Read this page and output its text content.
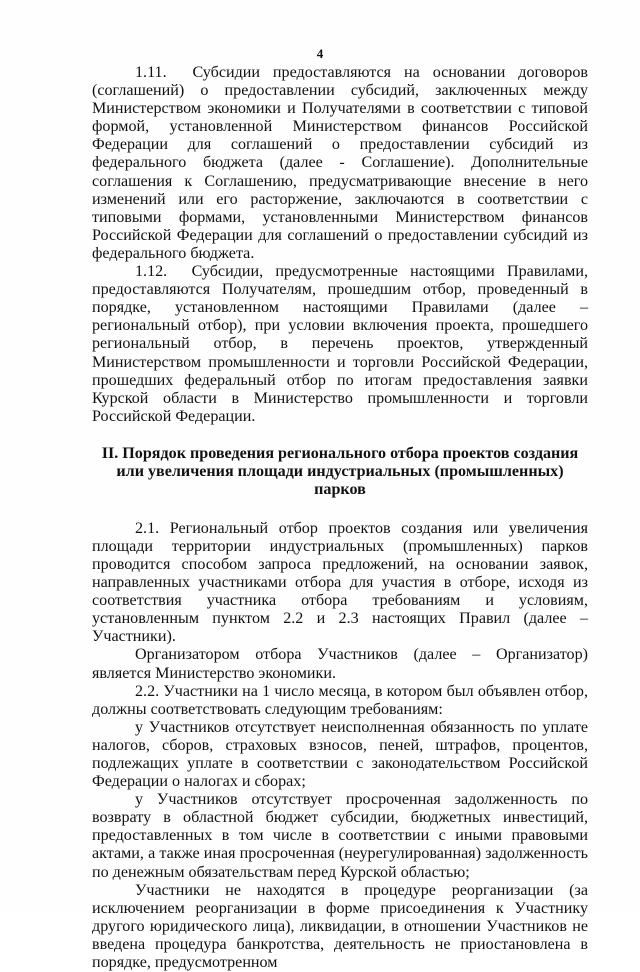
4

1.11.  Субсидии предоставляются на основании договоров (соглашений) о предоставлении субсидий, заключенных между Министерством экономики и Получателями в соответствии с типовой формой, установленной Министерством финансов Российской Федерации для соглашений о предоставлении субсидий из федерального бюджета (далее - Соглашение). Дополнительные соглашения к Соглашению, предусматривающие внесение в него изменений или его расторжение, заключаются в соответствии с типовыми формами, установленными Министерством финансов Российской Федерации для соглашений о предоставлении субсидий из федерального бюджета.

1.12.  Субсидии, предусмотренные настоящими Правилами, предоставляются Получателям, прошедшим отбор, проведенный в порядке, установленном настоящими Правилами (далее – региональный отбор), при условии включения проекта, прошедшего региональный отбор, в перечень проектов, утвержденный Министерством промышленности и торговли Российской Федерации, прошедших федеральный отбор по итогам предоставления заявки Курской области в Министерство промышленности и торговли Российской Федерации.

II. Порядок проведения регионального отбора проектов создания
или увеличения площади индустриальных (промышленных) парков

2.1. Региональный отбор проектов создания или увеличения площади территории индустриальных (промышленных) парков проводится способом запроса предложений, на основании заявок, направленных участниками отбора для участия в отборе, исходя из соответствия участника отбора требованиям и условиям, установленным пунктом 2.2 и 2.3 настоящих Правил (далее – Участники).

Организатором отбора Участников (далее – Организатор) является Министерство экономики.

2.2. Участники на 1 число месяца, в котором был объявлен отбор, должны соответствовать следующим требованиям:

у Участников отсутствует неисполненная обязанность по уплате налогов, сборов, страховых взносов, пеней, штрафов, процентов, подлежащих уплате в соответствии с законодательством Российской Федерации о налогах и сборах;

у Участников отсутствует просроченная задолженность по возврату в областной бюджет субсидии, бюджетных инвестиций, предоставленных в том числе в соответствии с иными правовыми актами, а также иная просроченная (неурегулированная) задолженность по денежным обязательствам перед Курской областью;

Участники не находятся в процедуре реорганизации (за исключением реорганизации в форме присоединения к Участнику другого юридического лица), ликвидации, в отношении Участников не введена процедура банкротства, деятельность не приостановлена в порядке, предусмотренном
